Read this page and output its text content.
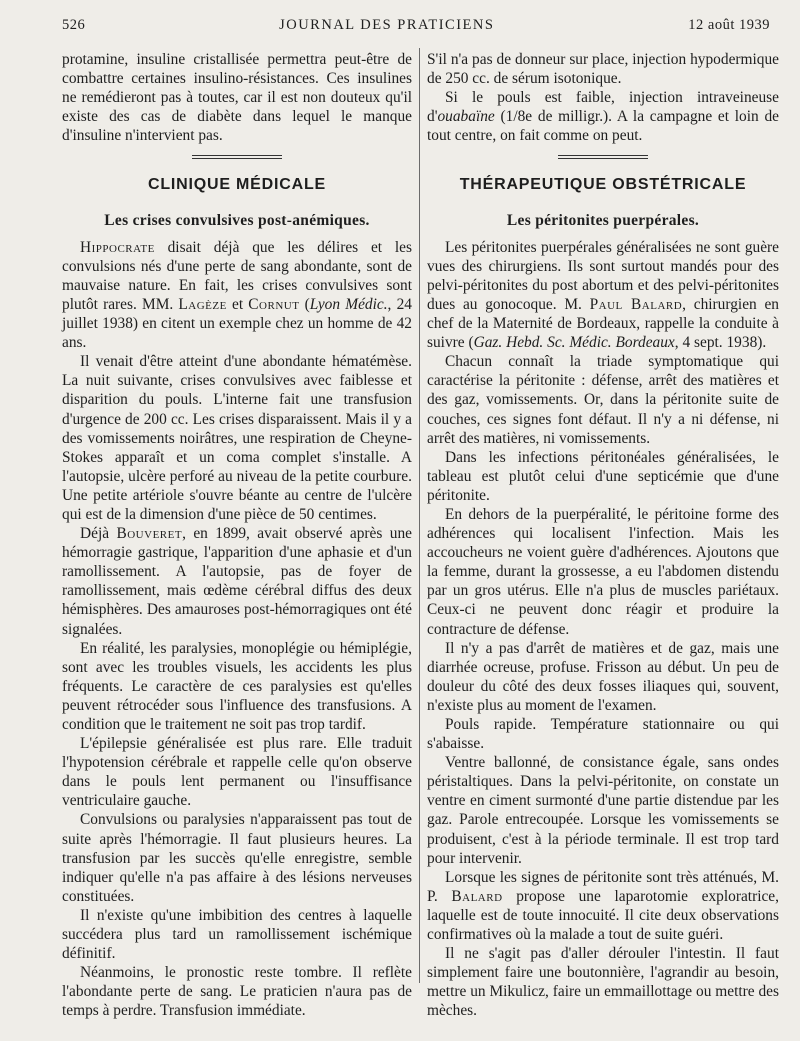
526	JOURNAL DES PRATICIENS	12 août 1939

protamine, insuline cristallisée permettra peut-être de combattre certaines insulino-résistances. Ces insulines ne remédieront pas à toutes, car il est non douteux qu'il existe des cas de diabète dans lequel le manque d'insuline n'intervient pas.

CLINIQUE MÉDICALE
Les crises convulsives post-anémiques.

Hippocrate disait déjà que les délires et les convulsions nés d'une perte de sang abondante, sont de mauvaise nature. En fait, les crises convulsives sont plutôt rares. MM. Lagèze et Cornut (Lyon Médic., 24 juillet 1938) en citent un exemple chez un homme de 42 ans.

Il venait d'être atteint d'une abondante hématémèse. La nuit suivante, crises convulsives avec faiblesse et disparition du pouls. L'interne fait une transfusion d'urgence de 200 cc. Les crises disparaissent. Mais il y a des vomissements noirâtres, une respiration de Cheyne-Stokes apparaît et un coma complet s'installe. A l'autopsie, ulcère perforé au niveau de la petite courbure. Une petite artériole s'ouvre béante au centre de l'ulcère qui est de la dimension d'une pièce de 50 centimes.

Déjà Bouveret, en 1899, avait observé après une hémorragie gastrique, l'apparition d'une aphasie et d'un ramollissement. A l'autopsie, pas de foyer de ramollissement, mais œdème cérébral diffus des deux hémisphères. Des amauroses post-hémorragiques ont été signalées.

En réalité, les paralysies, monoplégie ou hémiplégie, sont avec les troubles visuels, les accidents les plus fréquents. Le caractère de ces paralysies est qu'elles peuvent rétrocéder sous l'influence des transfusions. A condition que le traitement ne soit pas trop tardif.

L'épilepsie généralisée est plus rare. Elle traduit l'hypotension cérébrale et rappelle celle qu'on observe dans le pouls lent permanent ou l'insuffisance ventriculaire gauche.

Convulsions ou paralysies n'apparaissent pas tout de suite après l'hémorragie. Il faut plusieurs heures. La transfusion par les succès qu'elle enregistre, semble indiquer qu'elle n'a pas affaire à des lésions nerveuses constituées.

Il n'existe qu'une imbibition des centres à laquelle succédera plus tard un ramollissement ischémique définitif.

Néanmoins, le pronostic reste tombre. Il reflète l'abondante perte de sang. Le praticien n'aura pas de temps à perdre. Transfusion immédiate.

S'il n'a pas de donneur sur place, injection hypodermique de 250 cc. de sérum isotonique.

Si le pouls est faible, injection intraveineuse d'ouabaïne (1/8e de milligr.). A la campagne et loin de tout centre, on fait comme on peut.

THÉRAPEUTIQUE OBSTÉTRICALE
Les péritonites puerpérales.

Les péritonites puerpérales généralisées ne sont guère vues des chirurgiens. Ils sont surtout mandés pour des pelvi-péritonites du post abortum et des pelvi-péritonites dues au gonocoque. M. Paul Balard, chirurgien en chef de la Maternité de Bordeaux, rappelle la conduite à suivre (Gaz. Hebd. Sc. Médic. Bordeaux, 4 sept. 1938).

Chacun connaît la triade symptomatique qui caractérise la péritonite : défense, arrêt des matières et des gaz, vomissements. Or, dans la péritonite suite de couches, ces signes font défaut. Il n'y a ni défense, ni arrêt des matières, ni vomissements.

Dans les infections péritonéales généralisées, le tableau est plutôt celui d'une septicémie que d'une péritonite.

En dehors de la puerpéralité, le péritoine forme des adhérences qui localisent l'infection. Mais les accoucheurs ne voient guère d'adhérences. Ajoutons que la femme, durant la grossesse, a eu l'abdomen distendu par un gros utérus. Elle n'a plus de muscles pariétaux. Ceux-ci ne peuvent donc réagir et produire la contracture de défense.

Il n'y a pas d'arrêt de matières et de gaz, mais une diarrhée ocreuse, profuse. Frisson au début. Un peu de douleur du côté des deux fosses iliaques qui, souvent, n'existe plus au moment de l'examen.

Pouls rapide. Température stationnaire ou qui s'abaisse.

Ventre ballonné, de consistance égale, sans ondes péristaltiques. Dans la pelvi-péritonite, on constate un ventre en ciment surmonté d'une partie distendue par les gaz. Parole entrecoupée. Lorsque les vomissements se produisent, c'est à la période terminale. Il est trop tard pour intervenir.

Lorsque les signes de péritonite sont très atténués, M. P. Balard propose une laparotomie exploratrice, laquelle est de toute innocuité. Il cite deux observations confirmatives où la malade a tout de suite guéri.

Il ne s'agit pas d'aller dérouler l'intestin. Il faut simplement faire une boutonnière, l'agrandir au besoin, mettre un Mikulicz, faire un emmaillottage ou mettre des mèches.
